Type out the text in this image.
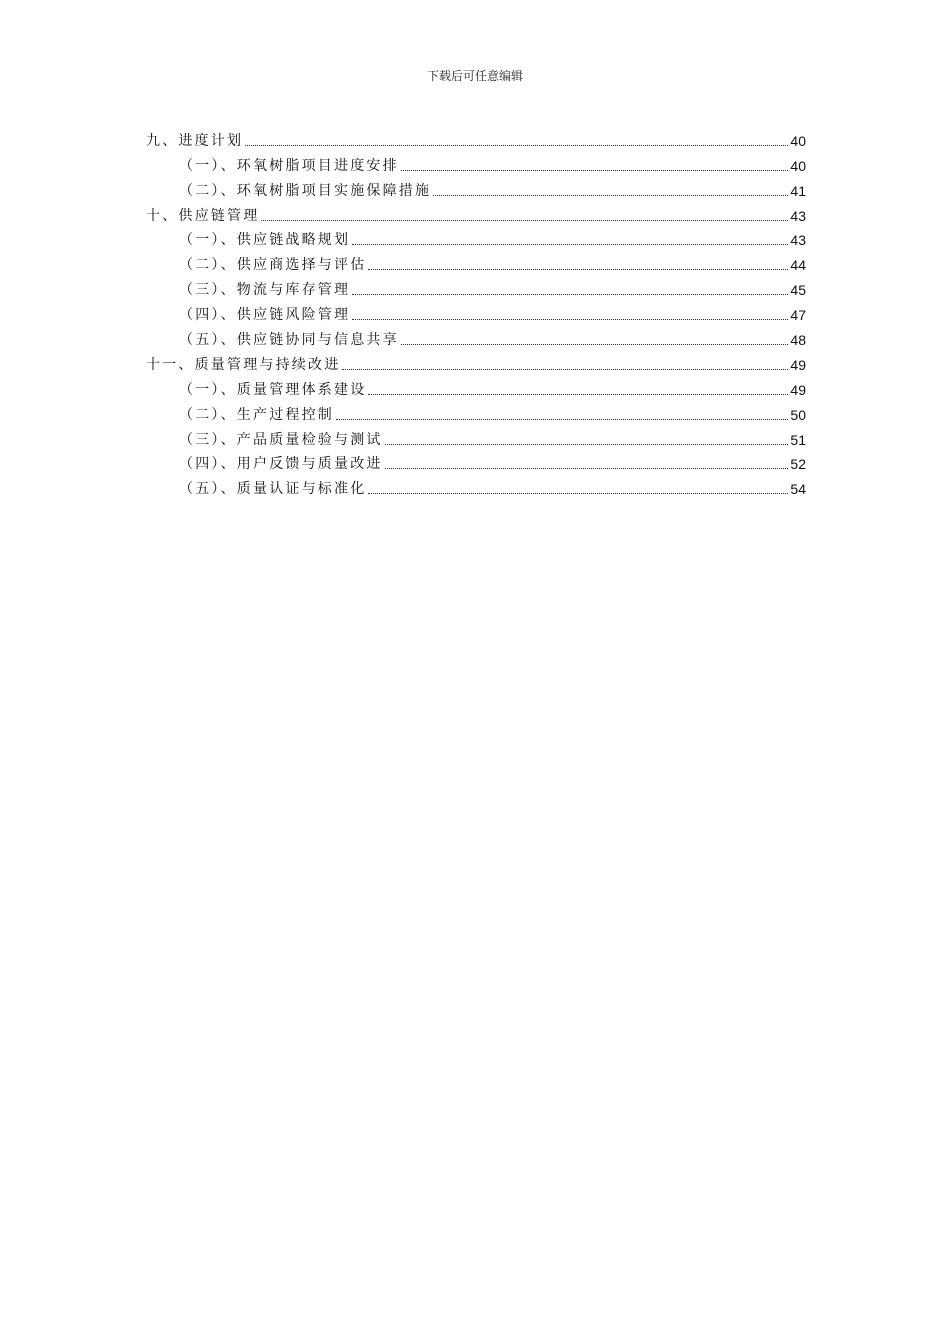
下载后可任意编辑
九、进度计划	40
（一）、环氧树脂项目进度安排	40
（二）、环氧树脂项目实施保障措施	41
十、供应链管理	43
（一）、供应链战略规划	43
（二）、供应商选择与评估	44
（三）、物流与库存管理	45
（四）、供应链风险管理	47
（五）、供应链协同与信息共享	48
十一、质量管理与持续改进	49
（一）、质量管理体系建设	49
（二）、生产过程控制	50
（三）、产品质量检验与测试	51
（四）、用户反馈与质量改进	52
（五）、质量认证与标准化	54
